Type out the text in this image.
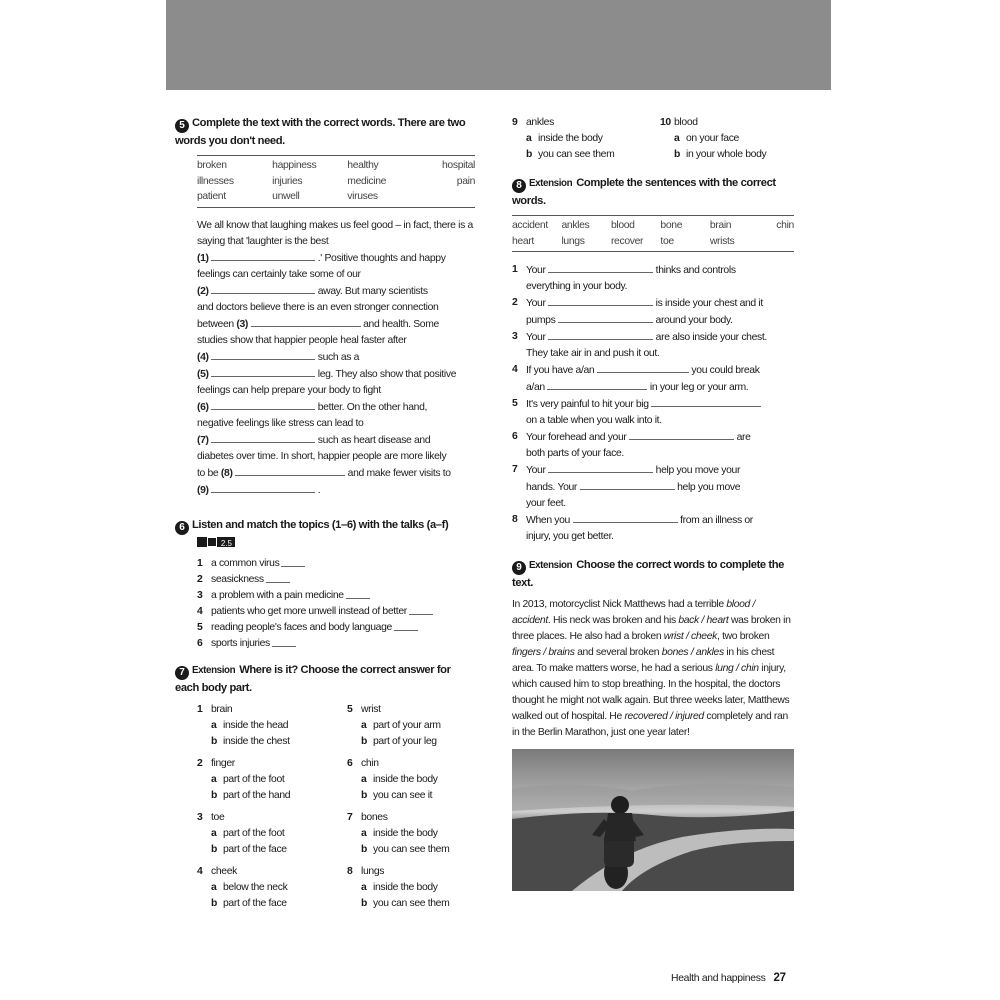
5 Complete the text with the correct words. There are two words you don't need.
broken	happiness	healthy	hospital
illnesses	injuries	medicine	pain
patient	unwell	viruses

We all know that laughing makes us feel good – in fact, there is a saying that 'laughter is the best

(1)	.' Positive thoughts and happy
feelings can certainly take some of our
(2)	away. But many scientists
and doctors believe there is an even stronger connection
between (3)	and health. Some
studies show that happier people heal faster after
(4)	such as a
(5)	leg. They also show that positive
feelings can help prepare your body to fight
(6)	better. On the other hand,
negative feelings like stress can lead to
(7)	such as heart disease and
diabetes over time. In short, happier people are more likely
to be (8)	and make fewer visits to
(9)	.
6 Listen and match the topics (1–6) with the talks (a–f)
2.5
1 a common virus
2 seasickness
3 a problem with a pain medicine
4 patients who get more unwell instead of better
5 reading people's faces and body language
6 sports injuries
7 Extension Where is it? Choose the correct answer for each body part.
1 brain
a inside the head
b inside the chest
5 wrist
a part of your arm
b part of your leg
2 finger
a part of the foot
b part of the hand
6 chin
a inside the body
b you can see it
3 toe
a part of the foot
b part of the face
7 bones
a inside the body
b you can see them
4 cheek
a below the neck
b part of the face
8 lungs
a inside the body
b you can see them
9 ankles
a inside the body
b you can see them
10 blood
a on your face
b in your whole body
8 Extension Complete the sentences with the correct words.
accident	ankles	blood	bone	brain	chin
heart	lungs	recover	toe	wrists
1 Your	thinks and controls
everything in your body.
2 Your	is inside your chest and it
pumps	around your body.
3 Your	are also inside your chest.
They take air in and push it out.
4 If you have a/an	you could break
a/an	in your leg or your arm.
5 It's very painful to hit your big
on a table when you walk into it.
6 Your forehead and your	are
both parts of your face.
7 Your	help you move your
hands. Your	help you move
your feet.
8 When you	from an illness or
injury, you get better.
9 Extension Choose the correct words to complete the text.
In 2013, motorcyclist Nick Matthews had a terrible blood / accident. His neck was broken and his back / heart was broken in three places. He also had a broken wrist / cheek, two broken fingers / brains and several broken bones / ankles in his chest area. To make matters worse, he had a serious lung / chin injury, which caused him to stop breathing. In the hospital, the doctors thought he might not walk again. But three weeks later, Matthews walked out of hospital. He recovered / injured completely and ran in the Berlin Marathon, just one year later!
Health and happiness 27
